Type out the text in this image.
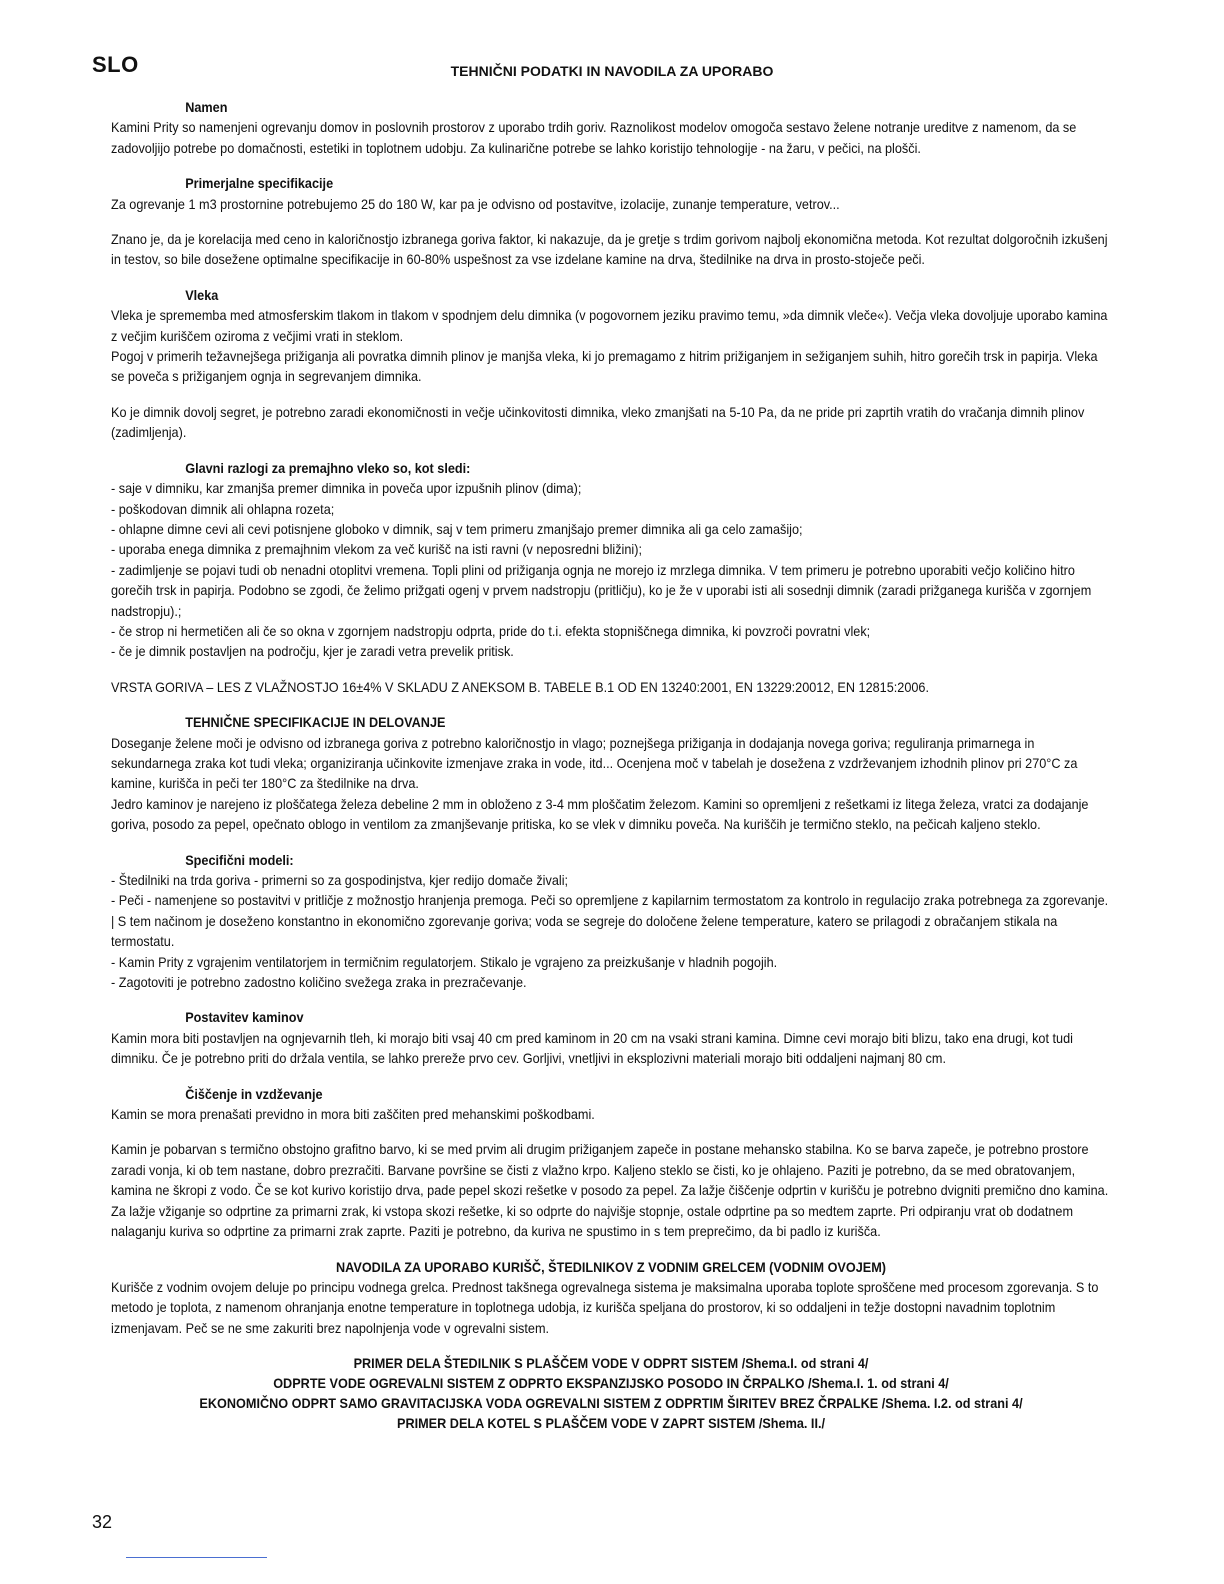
SLO	TEHNIČNI PODATKI IN NAVODILA ZA UPORABO

Namen

Kamini Prity so namenjeni ogrevanju domov in poslovnih prostorov z uporabo trdih goriv. Raznolikost modelov omogoča sestavo želene notranje ureditve z namenom, da se zadovoljijo potrebe po domačnosti, estetiki in toplotnem udobju. Za kulinarične potrebe se lahko koristijo tehnologije - na žaru, v pečici, na plošči.

Primerjalne specifikacije

Za ogrevanje 1 m3 prostornine potrebujemo 25 do 180 W, kar pa je odvisno od postavitve, izolacije, zunanje temperature, vetrov...

Znano je, da je korelacija med ceno in kaloričnostjo izbranega goriva faktor, ki nakazuje, da je gretje s trdim gorivom najbolj ekonomična metoda. Kot rezultat dolgoročnih izkušenj in testov, so bile dosežene optimalne specifikacije in 60-80% uspešnost za vse izdelane kamine na drva, štedilnike na drva in prosto-stoječe peči.

Vleka

Vleka je sprememba med atmosferskim tlakom in tlakom v spodnjem delu dimnika (v pogovornem jeziku pravimo temu, »da dimnik vleče«). Večja vleka dovoljuje uporabo kamina z večjim kuriščem oziroma z večjimi vrati in steklom.

Pogoj v primerih težavnejšega prižiganja ali povratka dimnih plinov je manjša vleka, ki jo premagamo z hitrim prižiganjem in sežiganjem suhih, hitro gorečih trsk in papirja. Vleka se poveča s prižiganjem ognja in segrevanjem dimnika.

Ko je dimnik dovolj segret, je potrebno zaradi ekonomičnosti in večje učinkovitosti dimnika, vleko zmanjšati na 5-10 Pa, da ne pride pri zaprtih vratih do vračanja dimnih plinov (zadimljenja).

Glavni razlogi za premajhno vleko so, kot sledi:

- saje v dimniku, kar zmanjša premer dimnika in poveča upor izpušnih plinov (dima);

- poškodovan dimnik ali ohlapna rozeta;

- ohlapne dimne cevi ali cevi potisnjene globoko v dimnik, saj v tem primeru zmanjšajo premer dimnika ali ga celo zamašijo;

- uporaba enega dimnika z premajhnim vlekom za več kurišč na isti ravni (v neposredni bližini);

- zadimljenje se pojavi tudi ob nenadni otoplitvi vremena. Topli plini od prižiganja ognja ne morejo iz mrzlega dimnika. V tem primeru je potrebno uporabiti večjo količino hitro gorečih trsk in papirja. Podobno se zgodi, če želimo prižgati ogenj v prvem nadstropju (pritličju), ko je že v uporabi isti ali sosednji dimnik (zaradi prižganega kurišča v zgornjem nadstropju).;

- če strop ni hermetičen ali če so okna v zgornjem nadstropju odprta, pride do t.i. efekta stopniščnega dimnika, ki povzroči povratni vlek;

- če je dimnik postavljen na področju, kjer je zaradi vetra prevelik pritisk.

VRSTA GORIVA – LES Z VLAŽNOSTJO 16±4% V SKLADU Z ANEKSOM B. TABELE B.1 OD EN 13240:2001, EN 13229:20012, EN 12815:2006.

TEHNIČNE SPECIFIKACIJE IN DELOVANJE

Doseganje želene moči je odvisno od izbranega goriva z potrebno kaloričnostjo in vlago; poznejšega prižiganja in dodajanja novega goriva; reguliranja primarnega in sekundarnega zraka kot tudi vleka; organiziranja učinkovite izmenjave zraka in vode, itd... Ocenjena moč v tabelah je dosežena z vzdrževanjem izhodnih plinov pri 270°C za kamine, kurišča in peči ter 180°C za štedilnike na drva.

Jedro kaminov je narejeno iz ploščatega železa debeline 2 mm in obloženo z 3-4 mm ploščatim železom. Kamini so opremljeni z rešetkami iz litega železa, vratci za dodajanje goriva, posodo za pepel, opečnato oblogo in ventilom za zmanjševanje pritiska, ko se vlek v dimniku poveča. Na kuriščih je termično steklo, na pečicah kaljeno steklo.

Specifični modeli:

- Štedilniki na trda goriva - primerni so za gospodinjstva, kjer redijo domače živali;

- Peči - namenjene so postavitvi v pritličje z možnostjo hranjenja premoga. Peči so opremljene z kapilarnim termostatom za kontrolo in regulacijo zraka potrebnega za zgorevanje. | S tem načinom je doseženo konstantno in ekonomično zgorevanje goriva; voda se segreje do določene želene temperature, katero se prilagodi z obračanjem stikala na termostatu.

- Kamin Prity z vgrajenim ventilatorjem in termičnim regulatorjem. Stikalo je vgrajeno za preizkušanje v hladnih pogojih.

- Zagotoviti je potrebno zadostno količino svežega zraka in prezračevanje.

Postavitev kaminov

Kamin mora biti postavljen na ognjevarnih tleh, ki morajo biti vsaj 40 cm pred kaminom in 20 cm na vsaki strani kamina. Dimne cevi morajo biti blizu, tako ena drugi, kot tudi dimniku. Če je potrebno priti do držala ventila, se lahko prereže prvo cev. Gorljivi, vnetljivi in eksplozivni materiali morajo biti oddaljeni najmanj 80 cm.

Čiščenje in vzdževanje

Kamin se mora prenašati previdno in mora biti zaščiten pred mehanskimi poškodbami.

Kamin je pobarvan s termično obstojno grafitno barvo, ki se med prvim ali drugim prižiganjem zapeče in postane mehansko stabilna. Ko se barva zapeče, je potrebno prostore zaradi vonja, ki ob tem nastane, dobro prezračiti. Barvane površine se čisti z vlažno krpo. Kaljeno steklo se čisti, ko je ohlajeno. Paziti je potrebno, da se med obratovanjem, kamina ne škropi z vodo. Če se kot kurivo koristijo drva, pade pepel skozi rešetke v posodo za pepel. Za lažje čiščenje odprtin v kurišču je potrebno dvigniti premično dno kamina. Za lažje vžiganje so odprtine za primarni zrak, ki vstopa skozi rešetke, ki so odprte do najvišje stopnje, ostale odprtine pa so medtem zaprte. Pri odpiranju vrat ob dodatnem nalaganju kuriva so odprtine za primarni zrak zaprte. Paziti je potrebno, da kuriva ne spustimo in s tem preprečimo, da bi padlo iz kurišča.

NAVODILA ZA UPORABO KURIŠČ, ŠTEDILNIKOV Z VODNIM GRELCEM (VODNIM OVOJEM)

Kurišče z vodnim ovojem deluje po principu vodnega grelca. Prednost takšnega ogrevalnega sistema je maksimalna uporaba toplote sproščene med procesom zgorevanja. S to metodo je toplota, z namenom ohranjanja enotne temperature in toplotnega udobja, iz kurišča speljana do prostorov, ki so oddaljeni in težje dostopni navadnim toplotnim izmenjavam. Peč se ne sme zakuriti brez napolnjenja vode v ogrevalni sistem.

PRIMER DELA ŠTEDILNIK S PLAŠČEM VODE V ODPRT SISTEM /Shema.I. od strani 4/

ODPRTE VODE OGREVALNI SISTEM Z ODPRTO EKSPANZIJSKO POSODO IN ČRPALKO /Shema.I. 1. od strani 4/

EKONOMIČNO ODPRT SAMO GRAVITACIJSKA VODA OGREVALNI SISTEM Z ODPRTIM ŠIRITEV BREZ ČRPALKE /Shema. I.2. od strani 4/

PRIMER DELA KOTEL S PLAŠČEM VODE V ZAPRT SISTEM /Shema. II./

32
